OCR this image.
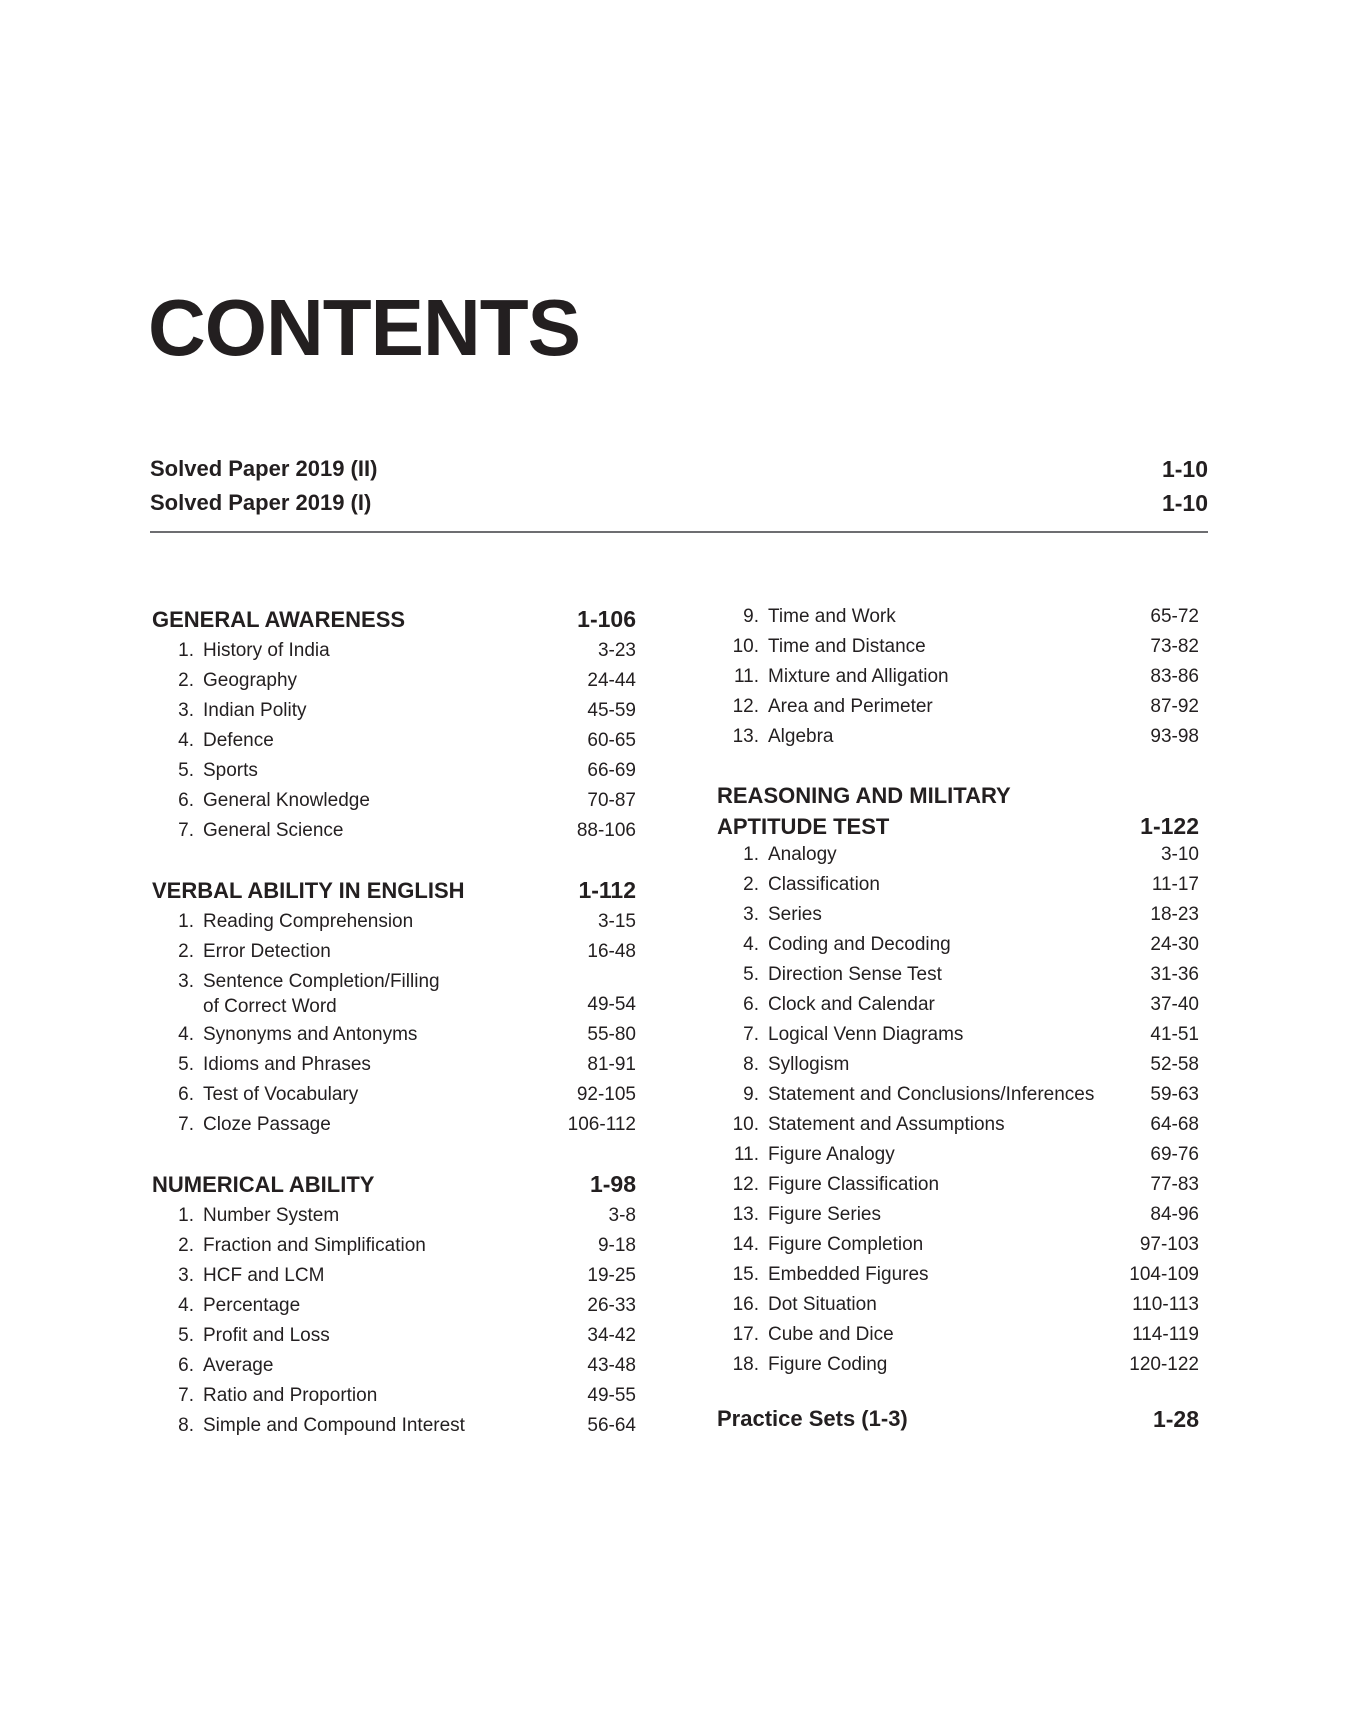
CONTENTS
Solved Paper 2019 (II)	1-10
Solved Paper 2019 (I)	1-10
GENERAL AWARENESS	1-106
1. History of India	3-23
2. Geography	24-44
3. Indian Polity	45-59
4. Defence	60-65
5. Sports	66-69
6. General Knowledge	70-87
7. General Science	88-106
VERBAL ABILITY IN ENGLISH	1-112
1. Reading Comprehension	3-15
2. Error Detection	16-48
3. Sentence Completion/Filling
of Correct Word	49-54
4. Synonyms and Antonyms	55-80
5. Idioms and Phrases	81-91
6. Test of Vocabulary	92-105
7. Cloze Passage	106-112
NUMERICAL ABILITY	1-98
1. Number System	3-8
2. Fraction and Simplification	9-18
3. HCF and LCM	19-25
4. Percentage	26-33
5. Profit and Loss	34-42
6. Average	43-48
7. Ratio and Proportion	49-55
8. Simple and Compound Interest	56-64
9. Time and Work	65-72
10. Time and Distance	73-82
11. Mixture and Alligation	83-86
12. Area and Perimeter	87-92
13. Algebra	93-98
REASONING AND MILITARY
APTITUDE TEST	1-122
1. Analogy	3-10
2. Classification	11-17
3. Series	18-23
4. Coding and Decoding	24-30
5. Direction Sense Test	31-36
6. Clock and Calendar	37-40
7. Logical Venn Diagrams	41-51
8. Syllogism	52-58
9. Statement and Conclusions/Inferences	59-63
10. Statement and Assumptions	64-68
11. Figure Analogy	69-76
12. Figure Classification	77-83
13. Figure Series	84-96
14. Figure Completion	97-103
15. Embedded Figures	104-109
16. Dot Situation	110-113
17. Cube and Dice	114-119
18. Figure Coding	120-122
Practice Sets (1-3)	1-28
